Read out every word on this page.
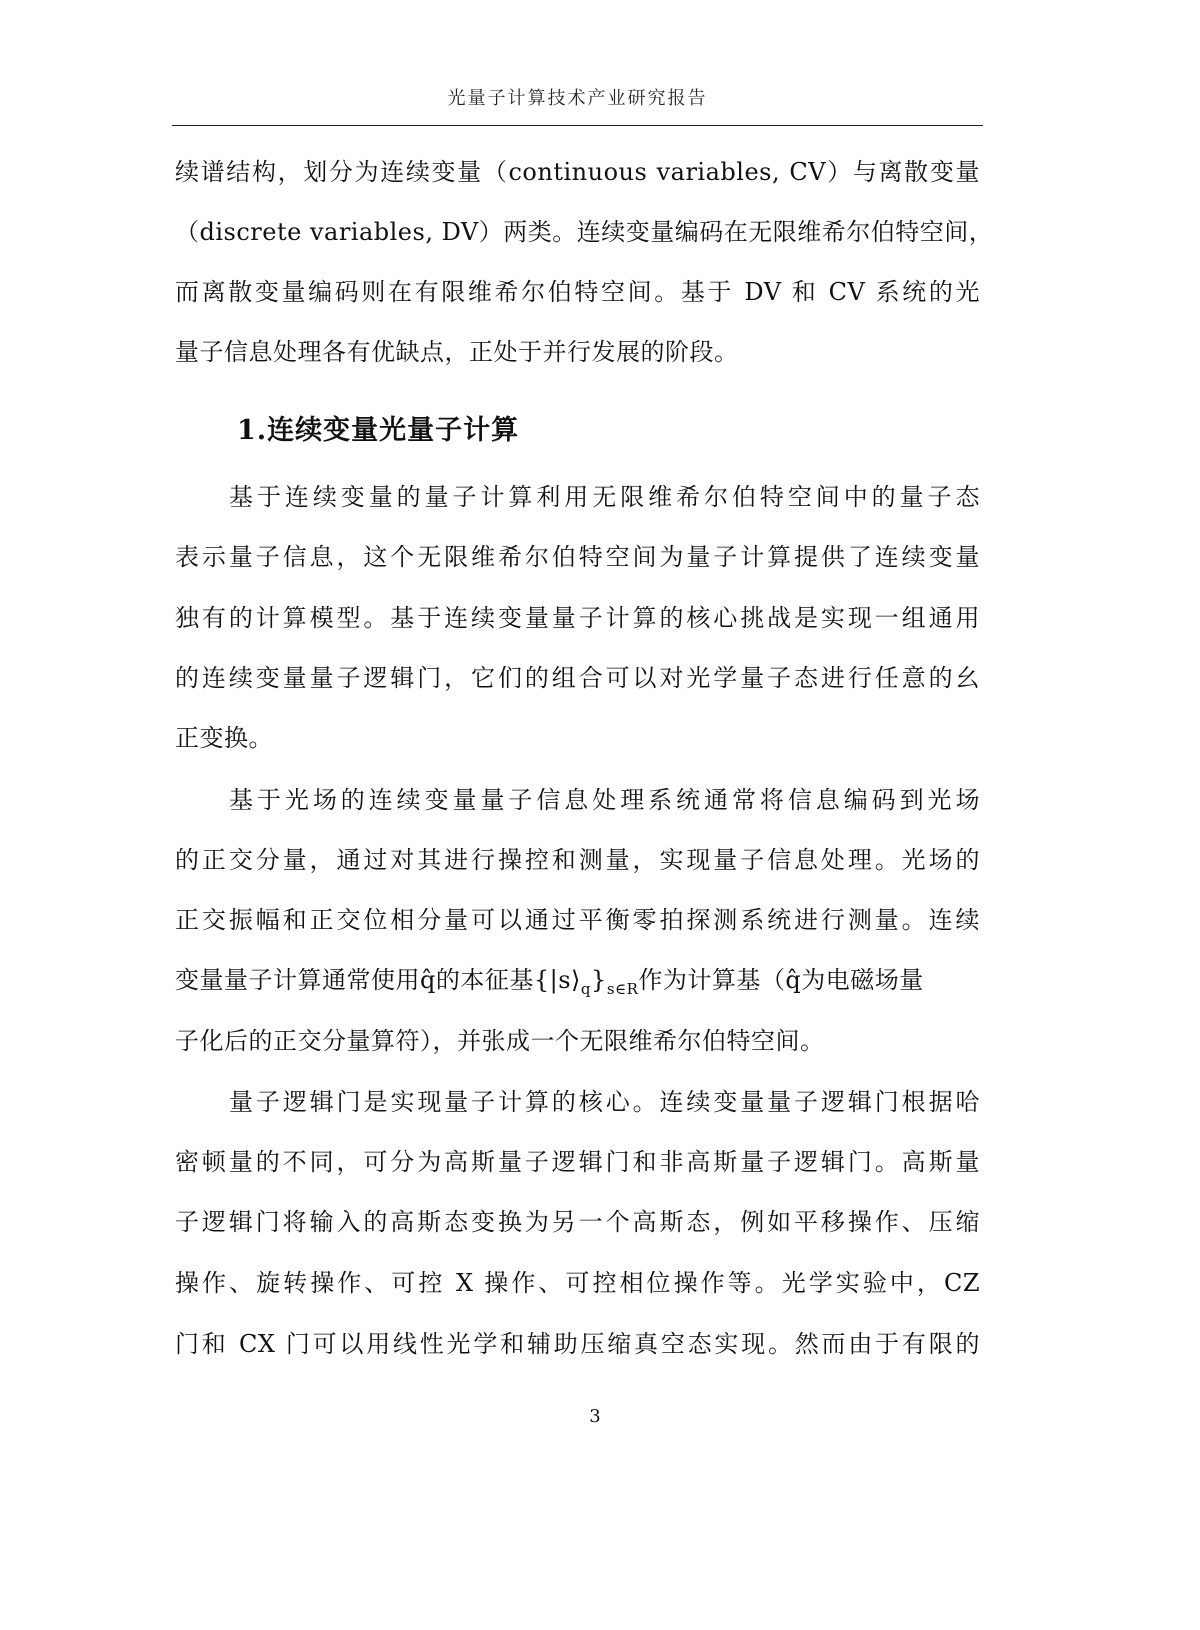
光量子计算技术产业研究报告
续谱结构，划分为连续变量（continuous variables, CV）与离散变量
（discrete variables, DV）两类。连续变量编码在无限维希尔伯特空间，
而离散变量编码则在有限维希尔伯特空间。基于 DV 和 CV 系统的光
量子信息处理各有优缺点，正处于并行发展的阶段。
1.连续变量光量子计算
基于连续变量的量子计算利用无限维希尔伯特空间中的量子态
表示量子信息，这个无限维希尔伯特空间为量子计算提供了连续变量
独有的计算模型。基于连续变量量子计算的核心挑战是实现一组通用
的连续变量量子逻辑门，它们的组合可以对光学量子态进行任意的幺
正变换。
基于光场的连续变量量子信息处理系统通常将信息编码到光场
的正交分量，通过对其进行操控和测量，实现量子信息处理。光场的
正交振幅和正交位相分量可以通过平衡零拍探测系统进行测量。连续
变量量子计算通常使用q̂的本征基$\{|s⟩_q\}_{s\in R}$作为计算基（q̂为电磁场量
子化后的正交分量算符），并张成一个无限维希尔伯特空间。
量子逻辑门是实现量子计算的核心。连续变量量子逻辑门根据哈
密顿量的不同，可分为高斯量子逻辑门和非高斯量子逻辑门。高斯量
子逻辑门将输入的高斯态变换为另一个高斯态，例如平移操作、压缩
操作、旋转操作、可控 X 操作、可控相位操作等。光学实验中，CZ
门和 CX 门可以用线性光学和辅助压缩真空态实现。然而由于有限的
3
